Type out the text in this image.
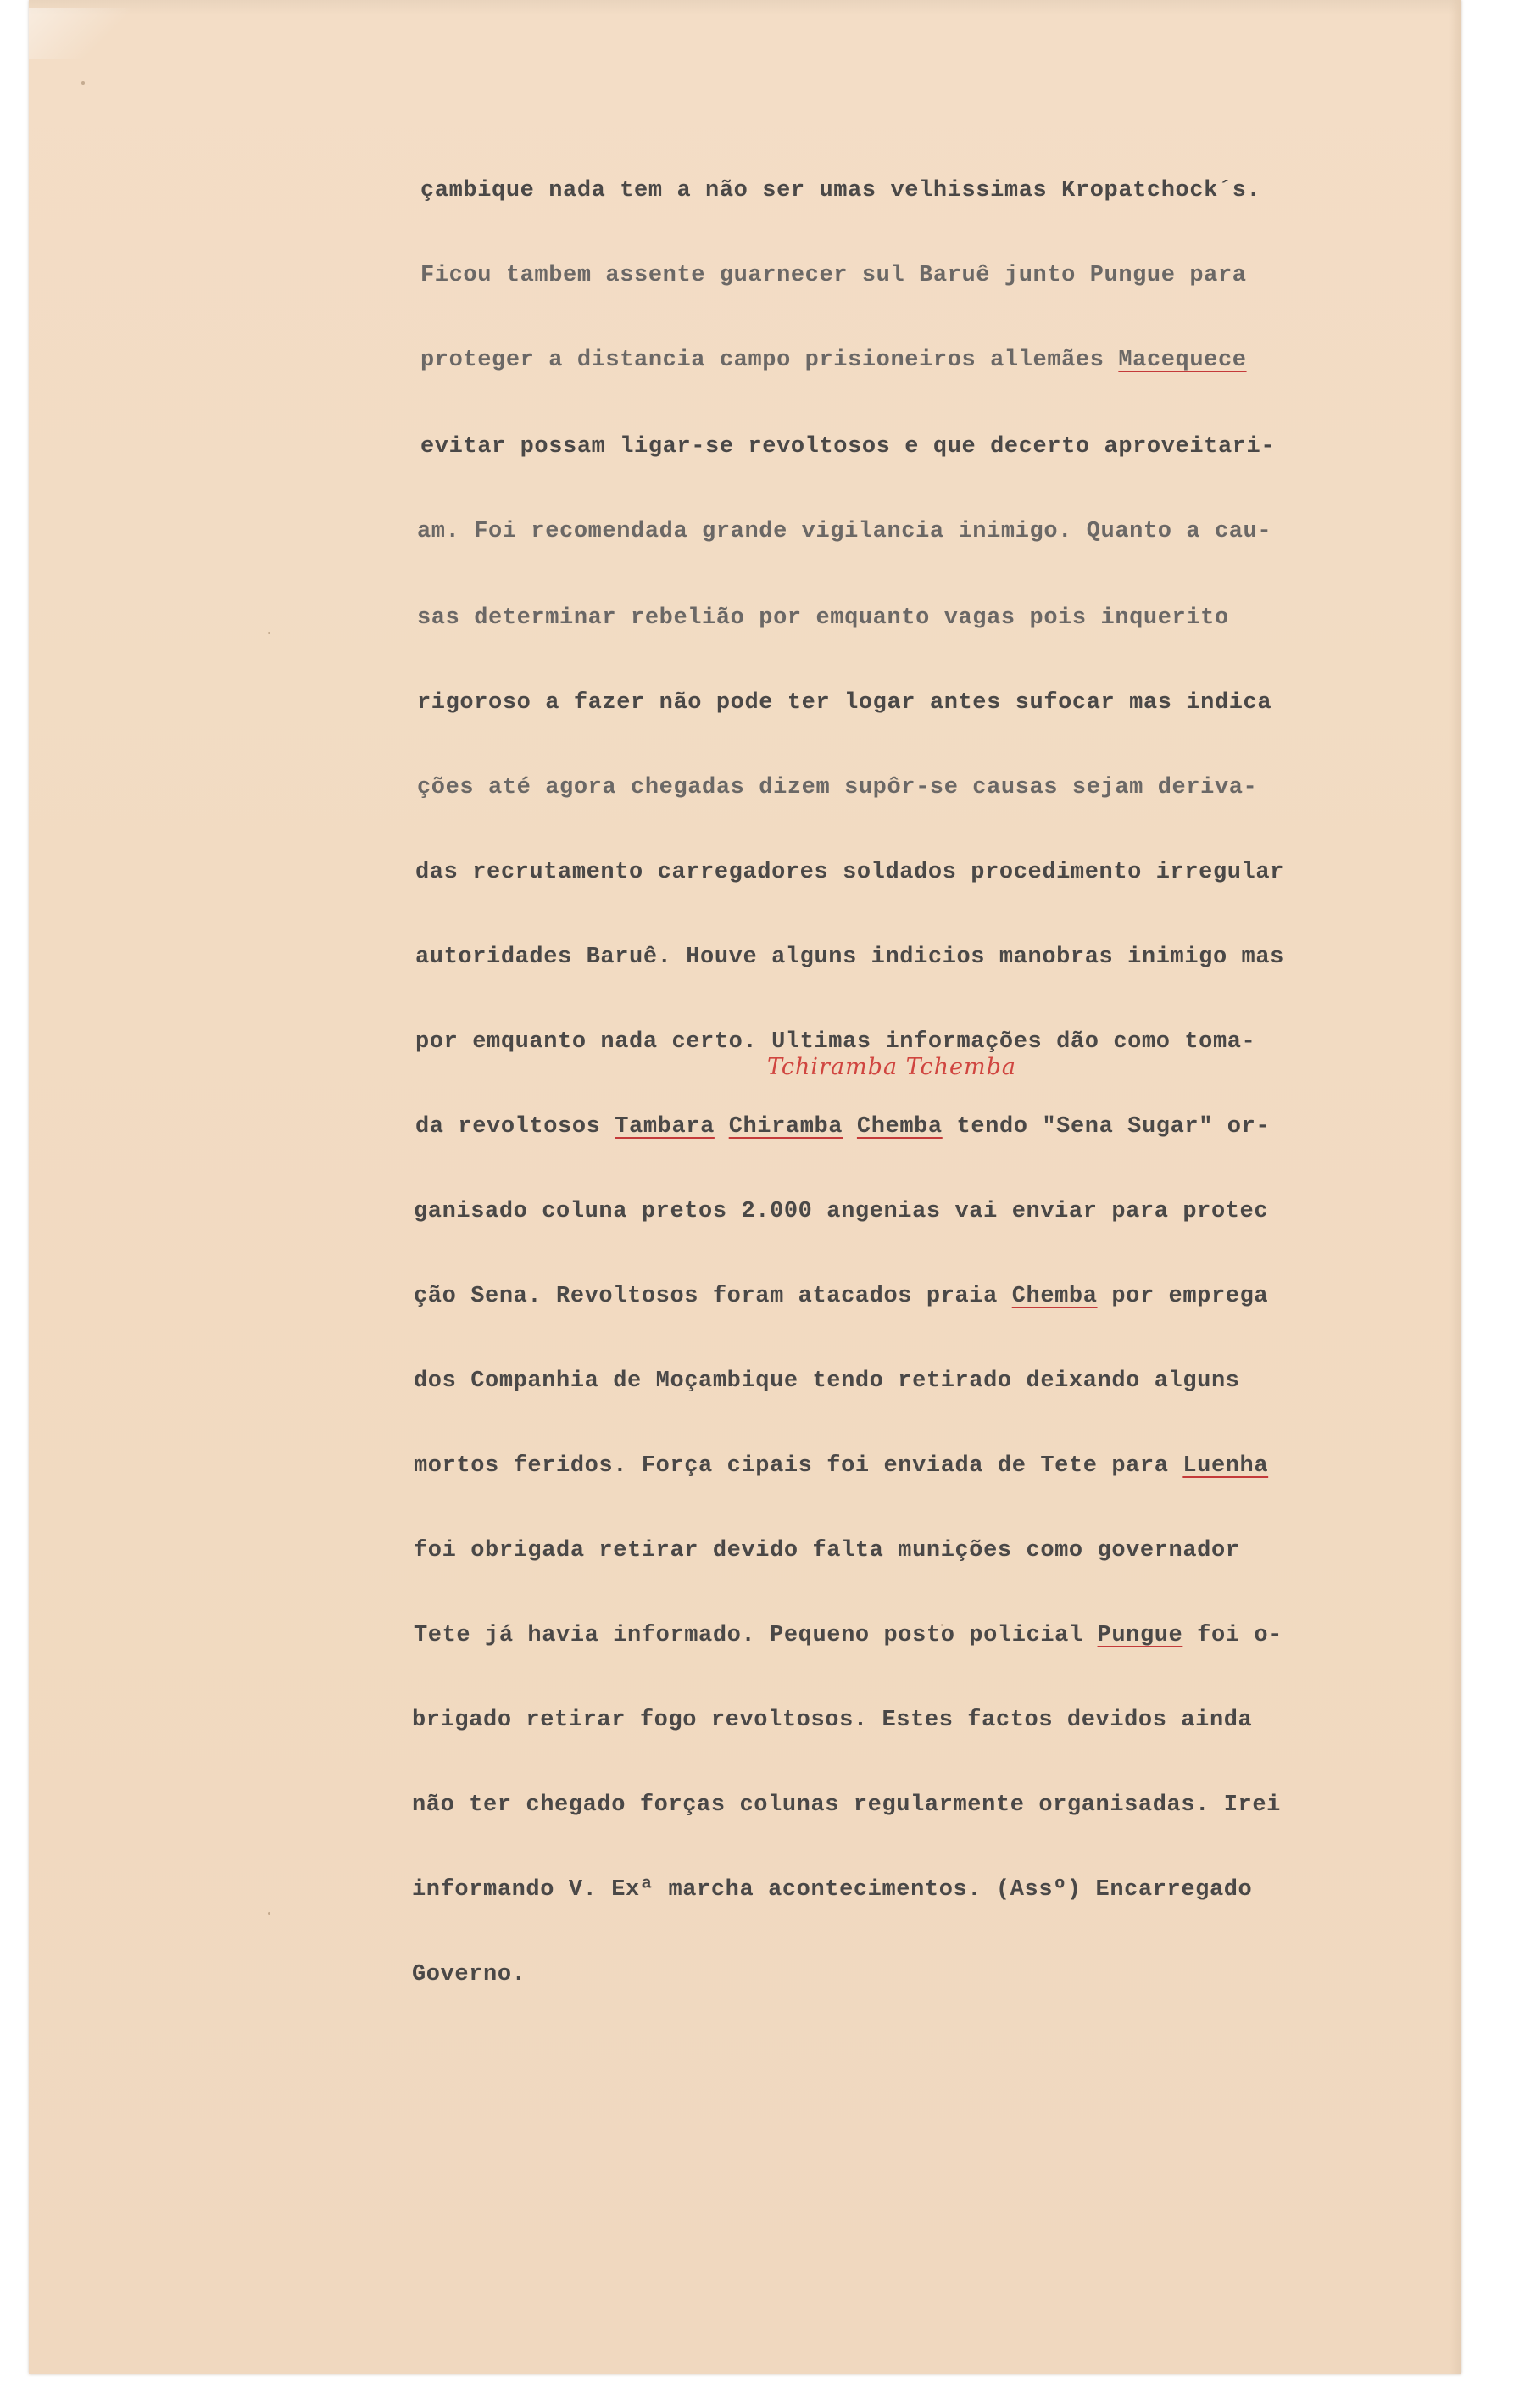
çambique nada tem a não ser umas velhissimas Kropatchock´s.

Ficou tambem assente guarnecer sul Baruê junto Pungue para

proteger a distancia campo prisioneiros allemães Macequece

evitar possam ligar-se revoltosos e que decerto aproveitari-

am. Foi recomendada grande vigilancia inimigo. Quanto a cau-

sas determinar rebelião por emquanto vagas pois inquerito

rigoroso a fazer não pode ter logar antes sufocar mas indica

ções até agora chegadas dizem supôr-se causas sejam deriva-

das recrutamento carregadores soldados procedimento irregular

autoridades Baruê. Houve alguns indicios manobras inimigo mas

por emquanto nada certo. Ultimas informações dão como toma-

da revoltosos Tambara Chiramba Chemba tendo "Sena Sugar" or-

ganisado coluna pretos 2.000 angenias vai enviar para protec

ção Sena. Revoltosos foram atacados praia Chemba por emprega

dos Companhia de Moçambique tendo retirado deixando alguns

mortos feridos. Força cipais foi enviada de Tete para Luenha

foi obrigada retirar devido falta munições como governador

Tete já havia informado. Pequeno posto policial Pungue foi o-

brigado retirar fogo revoltosos. Estes factos devidos ainda

não ter chegado forças colunas regularmente organisadas. Irei

informando V. Exª marcha acontecimentos. (Assº) Encarregado

Governo.

Tchiramba Tchemba
